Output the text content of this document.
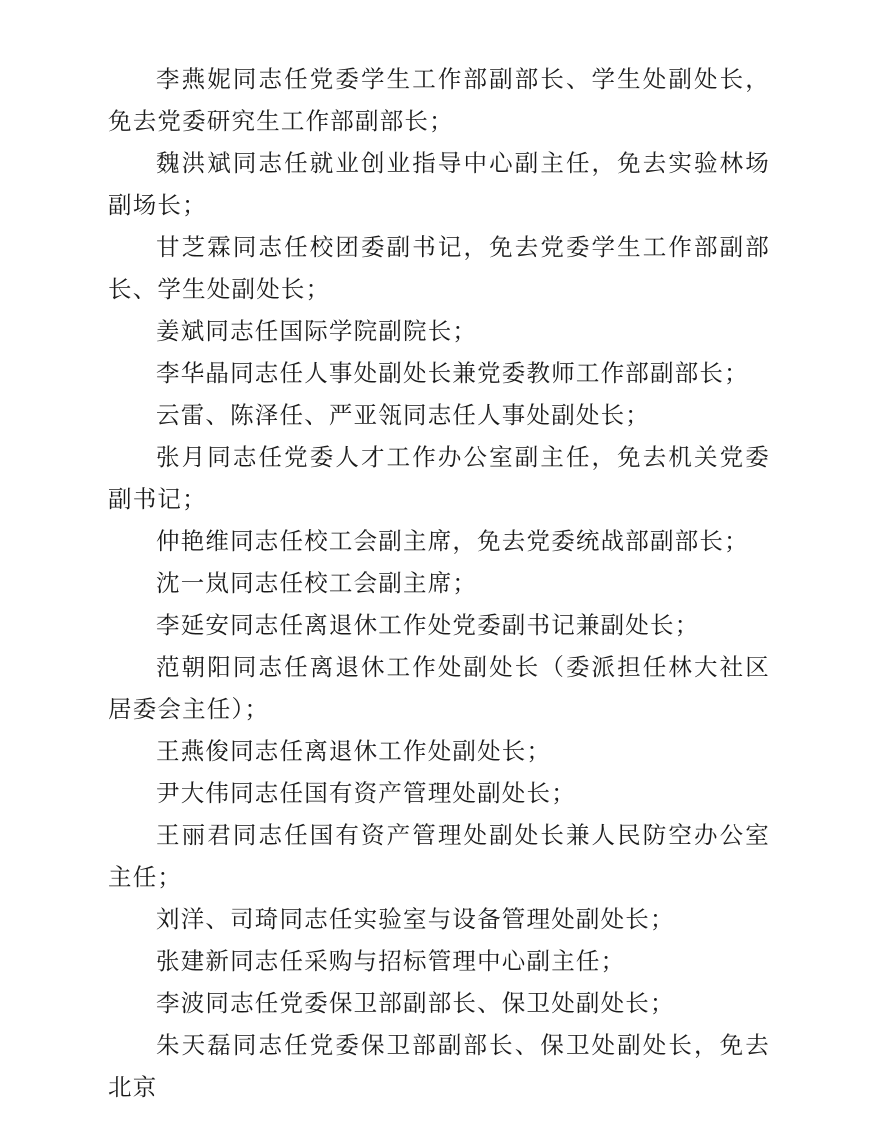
李燕妮同志任党委学生工作部副部长、学生处副处长，免去党委研究生工作部副部长；

魏洪斌同志任就业创业指导中心副主任，免去实验林场副场长；

甘芝霖同志任校团委副书记，免去党委学生工作部副部长、学生处副处长；

姜斌同志任国际学院副院长；

李华晶同志任人事处副处长兼党委教师工作部副部长；

云雷、陈泽任、严亚瓴同志任人事处副处长；

张月同志任党委人才工作办公室副主任，免去机关党委副书记；

仲艳维同志任校工会副主席，免去党委统战部副部长；

沈一岚同志任校工会副主席；

李延安同志任离退休工作处党委副书记兼副处长；

范朝阳同志任离退休工作处副处长（委派担任林大社区居委会主任）；

王燕俊同志任离退休工作处副处长；

尹大伟同志任国有资产管理处副处长；

王丽君同志任国有资产管理处副处长兼人民防空办公室主任；

刘洋、司琦同志任实验室与设备管理处副处长；

张建新同志任采购与招标管理中心副主任；

李波同志任党委保卫部副部长、保卫处副处长；

朱天磊同志任党委保卫部副部长、保卫处副处长，免去北京
